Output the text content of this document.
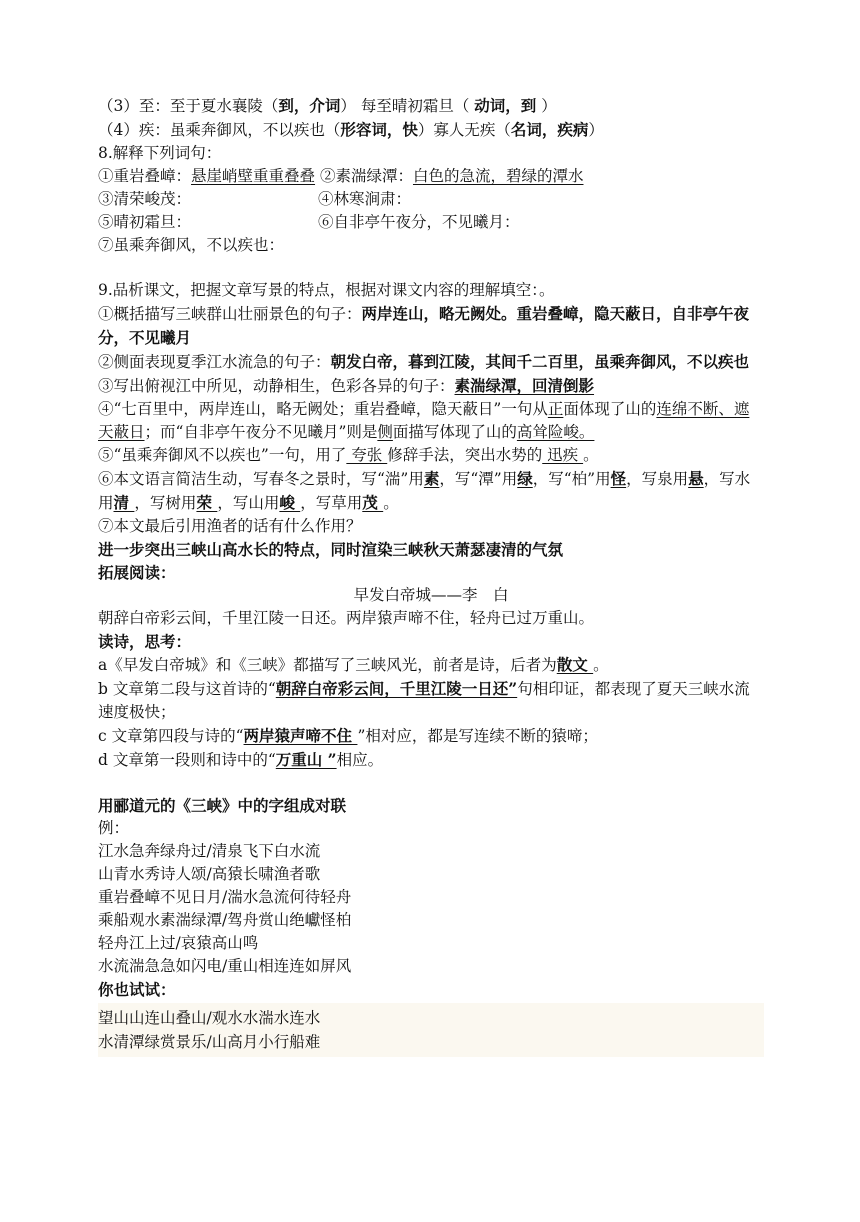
（3）至：至于夏水襄陵（到，介词） 每至晴初霜旦（ 动词，到 ）
（4）疾：虽乘奔御风，不以疾也（形容词，快）寡人无疾（名词，疾病）
8.解释下列词句：
①重岩叠嶂：悬崖峭壁重重叠叠 ②素湍绿潭：白色的急流，碧绿的潭水
③清荣峻茂：	④林寒涧肃：
⑤晴初霜旦：	⑥自非亭午夜分，不见曦月：
⑦虽乘奔御风，不以疾也：
9.品析课文，把握文章写景的特点，根据对课文内容的理解填空：。
①概括描写三峡群山壮丽景色的句子：两岸连山，略无阙处。重岩叠嶂，隐天蔽日，自非亭午夜分，不见曦月
②侧面表现夏季江水流急的句子：朝发白帝，暮到江陵，其间千二百里，虽乘奔御风，不以疾也
③写出俯视江中所见，动静相生，色彩各异的句子：素湍绿潭，回清倒影
④“七百里中，两岸连山，略无阙处；重岩叠嶂，隐天蔽日”一句从正面体现了山的连绵不断、遮天蔽日；而“自非亭午夜分不见曦月”则是侧面描写体现了山的高耸险峻。
⑤“虽乘奔御风不以疾也”一句，用了 夸张 修辞手法，突出水势的 迅疾 。
⑥本文语言简洁生动，写春冬之景时，写“湍”用素，写“潭”用绿，写“柏”用怪，写泉用悬，写水用清 ，写树用荣 ，写山用峻 ，写草用茂 。
⑦本文最后引用渔者的话有什么作用？
进一步突出三峡山高水长的特点，同时渲染三峡秋天萧瑟凄清的气氛
拓展阅读：
早发白帝城——李　白
朝辞白帝彩云间，千里江陵一日还。两岸猿声啼不住，轻舟已过万重山。
读诗，思考：
a《早发白帝城》和《三峡》都描写了三峡风光，前者是诗，后者为散文 。
b 文章第二段与这首诗的“朝辞白帝彩云间，千里江陵一日还”句相印证，都表现了夏天三峡水流速度极快；
c 文章第四段与诗的“两岸猿声啼不住 ”相对应，都是写连续不断的猿啼；
d 文章第一段则和诗中的“万重山 ”相应。
用郦道元的《三峡》中的字组成对联
例：
江水急奔绿舟过/清泉飞下白水流
山青水秀诗人颂/高猿长啸渔者歌
重岩叠嶂不见日月/湍水急流何待轻舟
乘船观水素湍绿潭/驾舟赏山绝巘怪柏
轻舟江上过/哀猿高山鸣
水流湍急急如闪电/重山相连连如屏风
你也试试：
望山山连山叠山/观水水湍水连水
水清潭绿赏景乐/山高月小行船难
